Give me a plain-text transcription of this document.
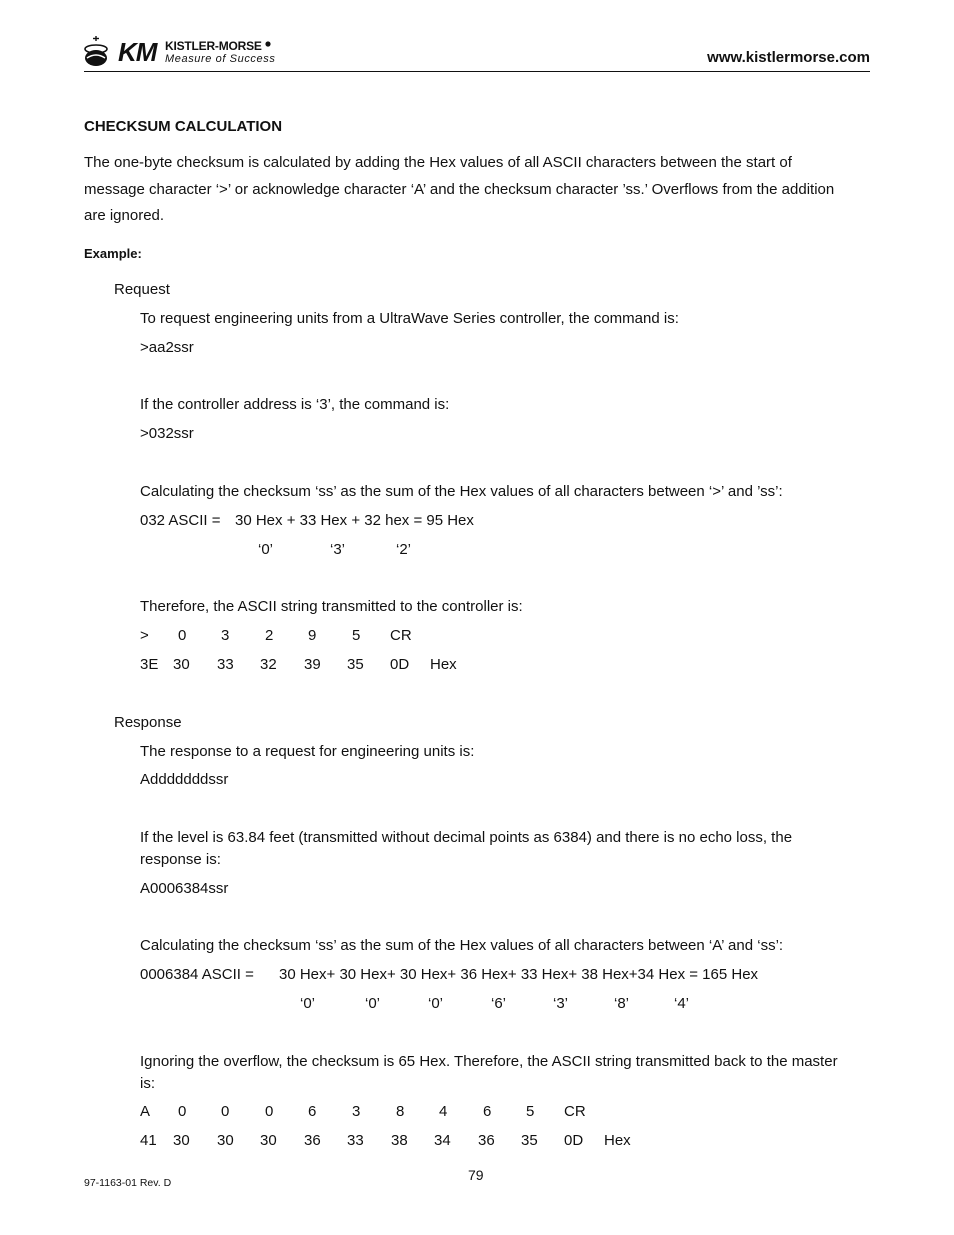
KM KISTLER-MORSE
Measure of Success	www.kistlermorse.com
CHECKSUM CALCULATION
The one-byte checksum is calculated by adding the Hex values of all ASCII characters between the start of message character ‘>’ or acknowledge character ‘A’ and the checksum character ’ss.’ Overflows from the addition are ignored.
Example:
Request
To request engineering units from a UltraWave Series controller, the command is:
>aa2ssr
If the controller address is ‘3’, the command is:
>032ssr
Calculating the checksum ‘ss’ as the sum of the Hex values of all characters between ‘>’ and ’ss’:
032 ASCII = 30 Hex + 33 Hex + 32 hex = 95 Hex
‘0’	‘3’	‘2’
Therefore, the ASCII string transmitted to the controller is:
> 0 3 2 9 5 CR
3E 30 33 32 39 35 0D Hex
Response
The response to a request for engineering units is:
Adddddddssr
If the level is 63.84 feet (transmitted without decimal points as 6384) and there is no echo loss, the response is:
A0006384ssr
Calculating the checksum ‘ss’ as the sum of the Hex values of all characters between ‘A’ and ‘ss’:
0006384 ASCII = 30 Hex+ 30 Hex+ 30 Hex+ 36 Hex+ 33 Hex+ 38 Hex+34 Hex = 165 Hex
‘0’	‘0’	‘0’	‘6’	‘3’	‘8’	‘4’
Ignoring the overflow, the checksum is 65 Hex. Therefore, the ASCII string transmitted back to the master is:
A 0 0 0 6 3 8 4 6 5 CR
41 30 30 30 36 33 38 34 36 35 0D Hex
79
97-1163-01 Rev. D
